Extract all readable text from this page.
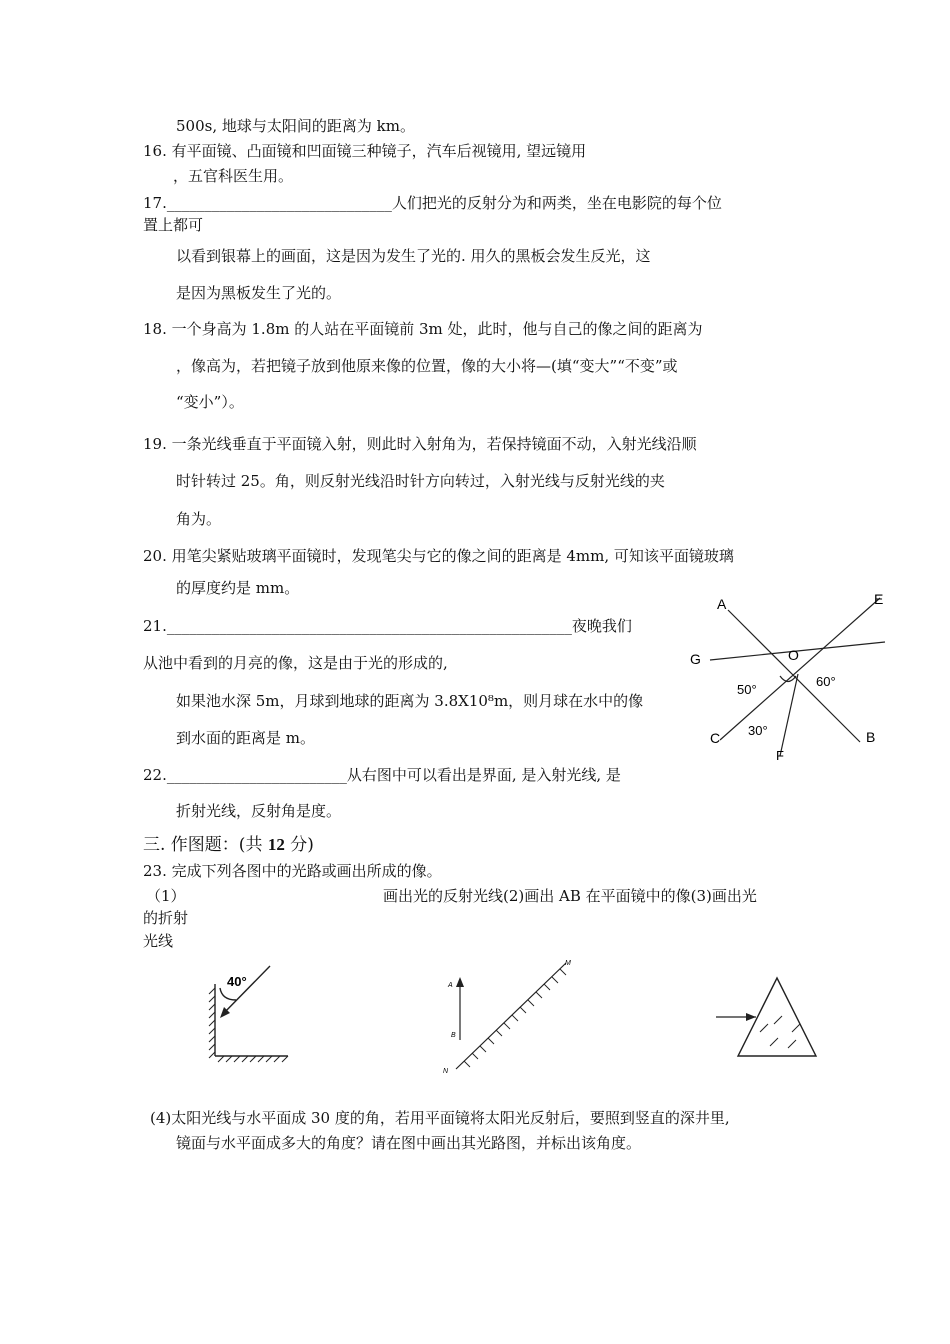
500s, 地球与太阳间的距离为 km。
16. 有平面镜、凸面镜和凹面镜三种镜子，汽车后视镜用, 望远镜用
，五官科医生用。
17.______________________________人们把光的反射分为和两类，坐在电影院的每个位
置上都可
以看到银幕上的画面，这是因为发生了光的. 用久的黑板会发生反光，这
是因为黑板发生了光的。
18. 一个身高为 1.8m 的人站在平面镜前 3m 处，此时，他与自己的像之间的距离为
，像高为，若把镜子放到他原来像的位置，像的大小将—(填“变大”“不变”或
“变小”）。
19. 一条光线垂直于平面镜入射，则此时入射角为，若保持镜面不动，入射光线沿顺
时针转过 25。角，则反射光线沿时针方向转过，入射光线与反射光线的夹
角为。
20. 用笔尖紧贴玻璃平面镜时，发现笔尖与它的像之间的距离是 4mm, 可知该平面镜玻璃
的厚度约是 mm。
21.______________________________________________________夜晚我们
从池中看到的月亮的像，这是由于光的形成的,
如果池水深 5m，月球到地球的距离为 3.8X10⁸m，则月球在水中的像
到水面的距离是 m。
22.________________________从右图中可以看出是界面, 是入射光线, 是
折射光线，反射角是度。
三. 作图题：(共 12 分)
23. 完成下列各图中的光路或画出所成的像。
（1）	画出光的反射光线(2)画出 AB 在平面镜中的像(3)画出光
的折射
光线
(4)太阳光线与水平面成 30 度的角，若用平面镜将太阳光反射后，要照到竖直的深井里,
镜面与水平面成多大的角度？请在图中画出其光路图，并标出该角度。
A	E
G	O
50°
60°
C 30°
F
B
40°	A
B
M
N
